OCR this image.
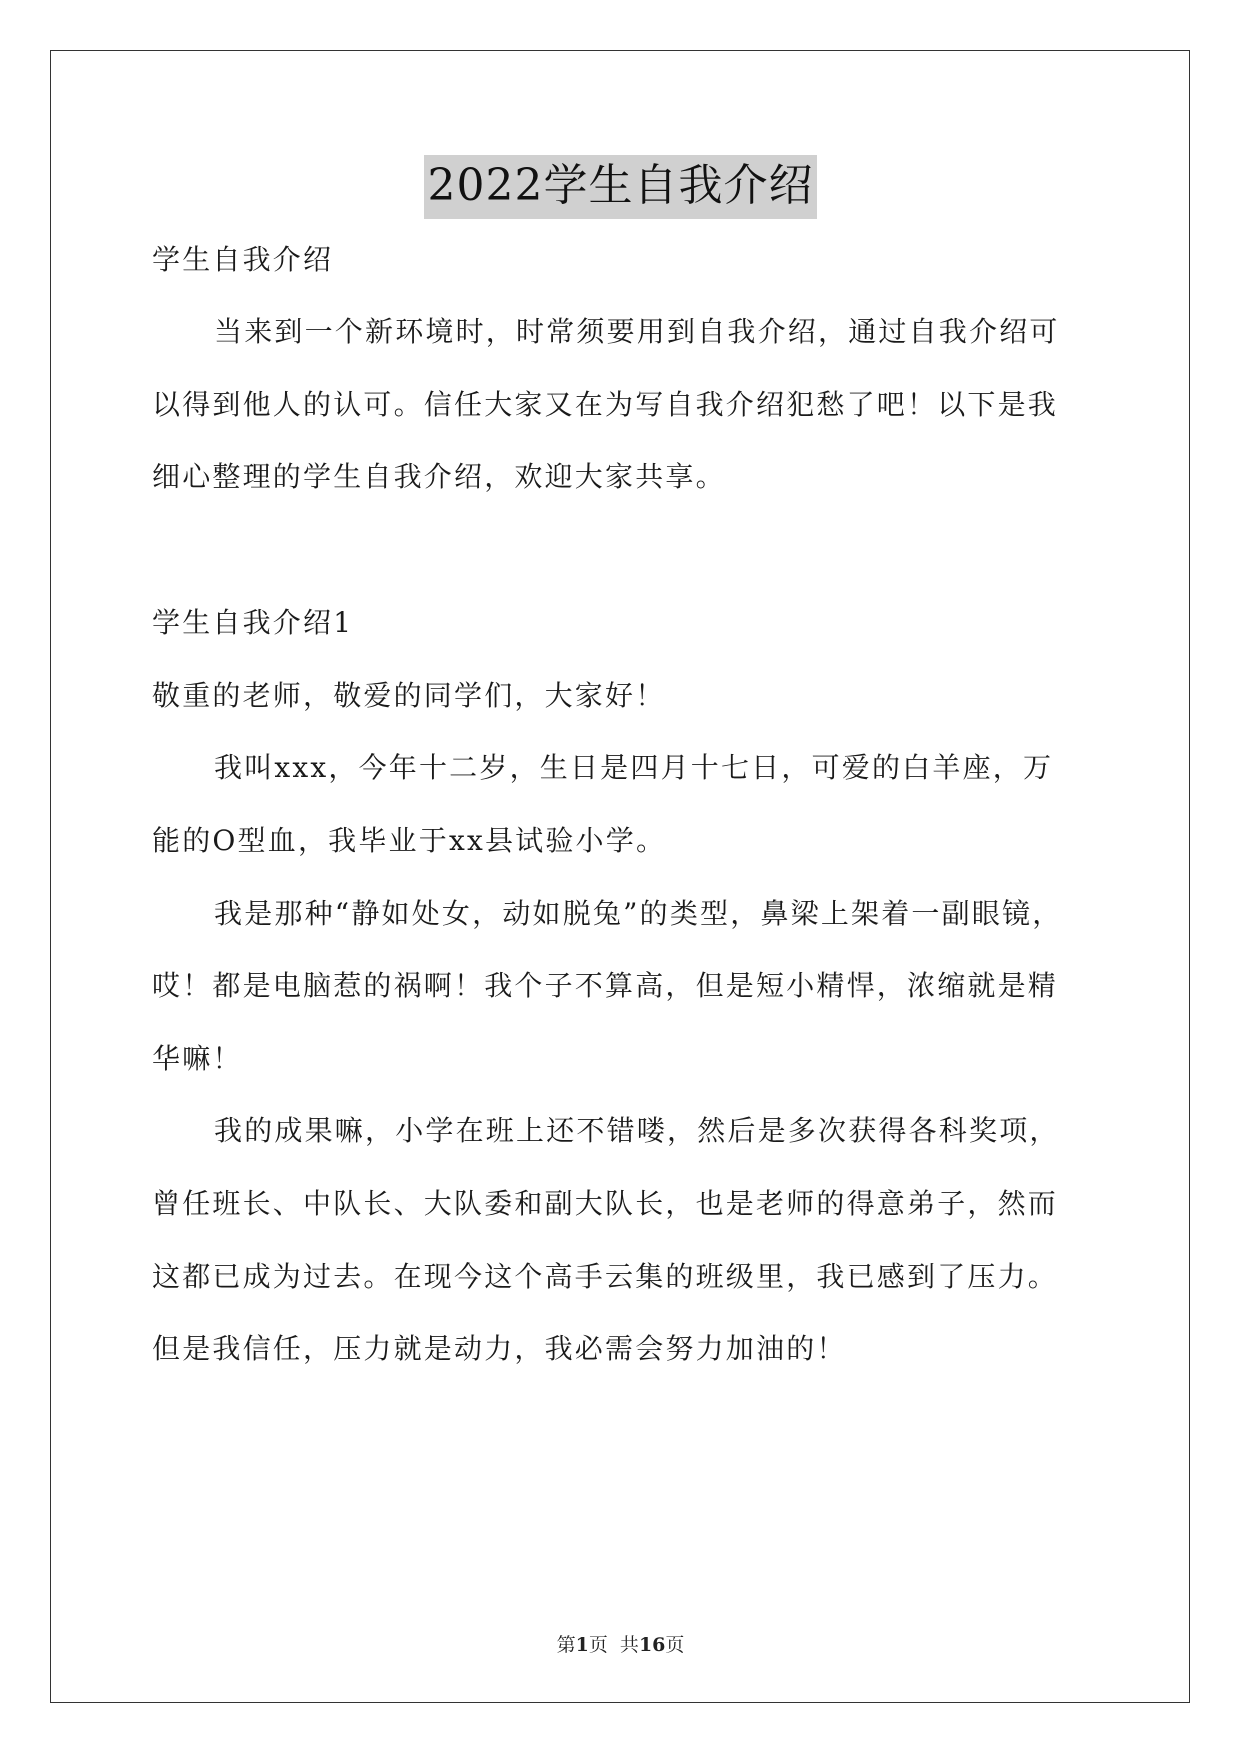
2022学生自我介绍
学生自我介绍
当来到一个新环境时，时常须要用到自我介绍，通过自我介绍可
以得到他人的认可。信任大家又在为写自我介绍犯愁了吧！以下是我
细心整理的学生自我介绍，欢迎大家共享。
学生自我介绍1
敬重的老师，敬爱的同学们，大家好！
我叫xxx，今年十二岁，生日是四月十七日，可爱的白羊座，万
能的O型血，我毕业于xx县试验小学。
我是那种“静如处女，动如脱兔”的类型，鼻梁上架着一副眼镜，
哎！都是电脑惹的祸啊！我个子不算高，但是短小精悍，浓缩就是精
华嘛！
我的成果嘛，小学在班上还不错喽，然后是多次获得各科奖项，
曾任班长、中队长、大队委和副大队长，也是老师的得意弟子，然而
这都已成为过去。在现今这个高手云集的班级里，我已感到了压力。
但是我信任，压力就是动力，我必需会努力加油的！
第1页  共16页
